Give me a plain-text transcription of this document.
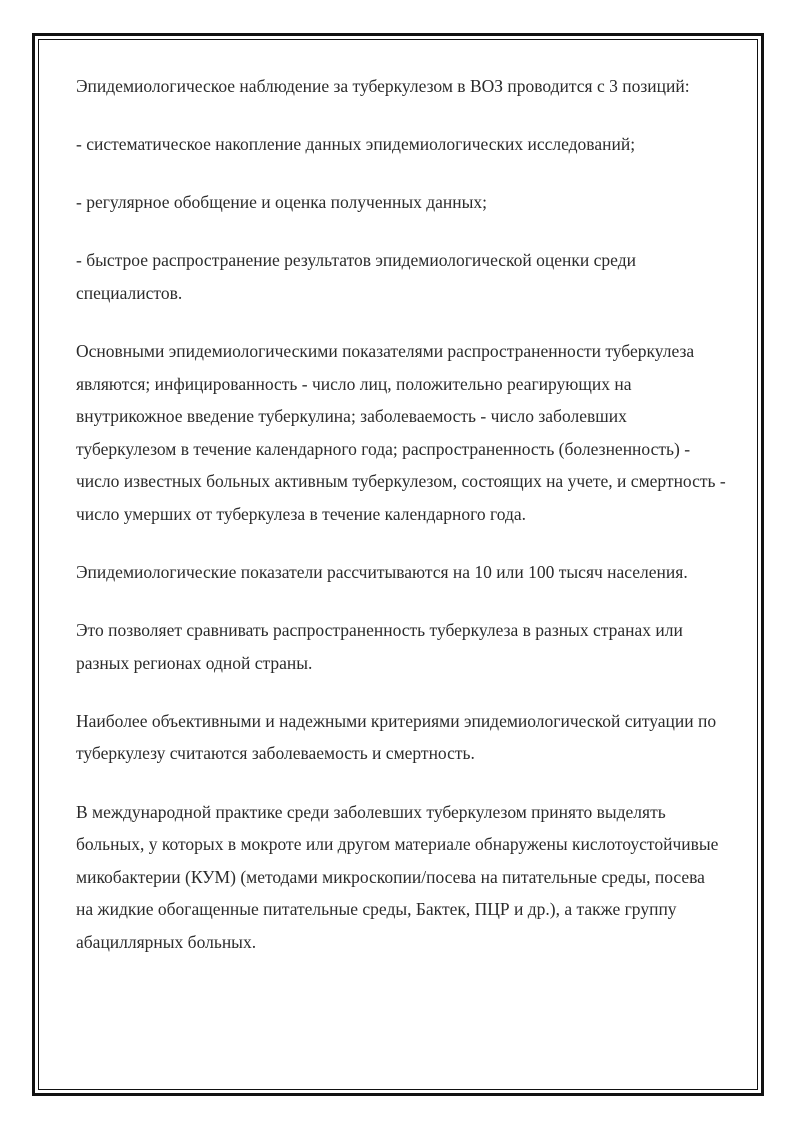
Эпидемиологическое наблюдение за туберкулезом в ВОЗ проводится с 3 позиций:

- систематическое накопление данных эпидемиологических исследований;

- регулярное обобщение и оценка полученных данных;

- быстрое распространение результатов эпидемиологической оценки среди специалистов.

Основными эпидемиологическими показателями распространенности туберкулеза являются; инфицированность - число лиц, положительно реагирующих на внутрикожное введение туберкулина; заболеваемость - число заболевших туберкулезом в течение календарного года; распространенность (болезненность) - число известных больных активным туберкулезом, состоящих на учете, и смертность - число умерших от туберкулеза в течение календарного года.

Эпидемиологические показатели рассчитываются на 10 или 100 тысяч населения.

Это позволяет сравнивать распространенность туберкулеза в разных странах или разных регионах одной страны.

Наиболее объективными и надежными критериями эпидемиологической ситуации по туберкулезу считаются заболеваемость и смертность.

В международной практике среди заболевших туберкулезом принято выделять больных, у которых в мокроте или другом материале обнаружены кислотоустойчивые микобактерии (КУМ) (методами микроскопии/посева на питательные среды, посева на жидкие обогащенные питательные среды, Бактек, ПЦР и др.), а также группу абациллярных больных.
